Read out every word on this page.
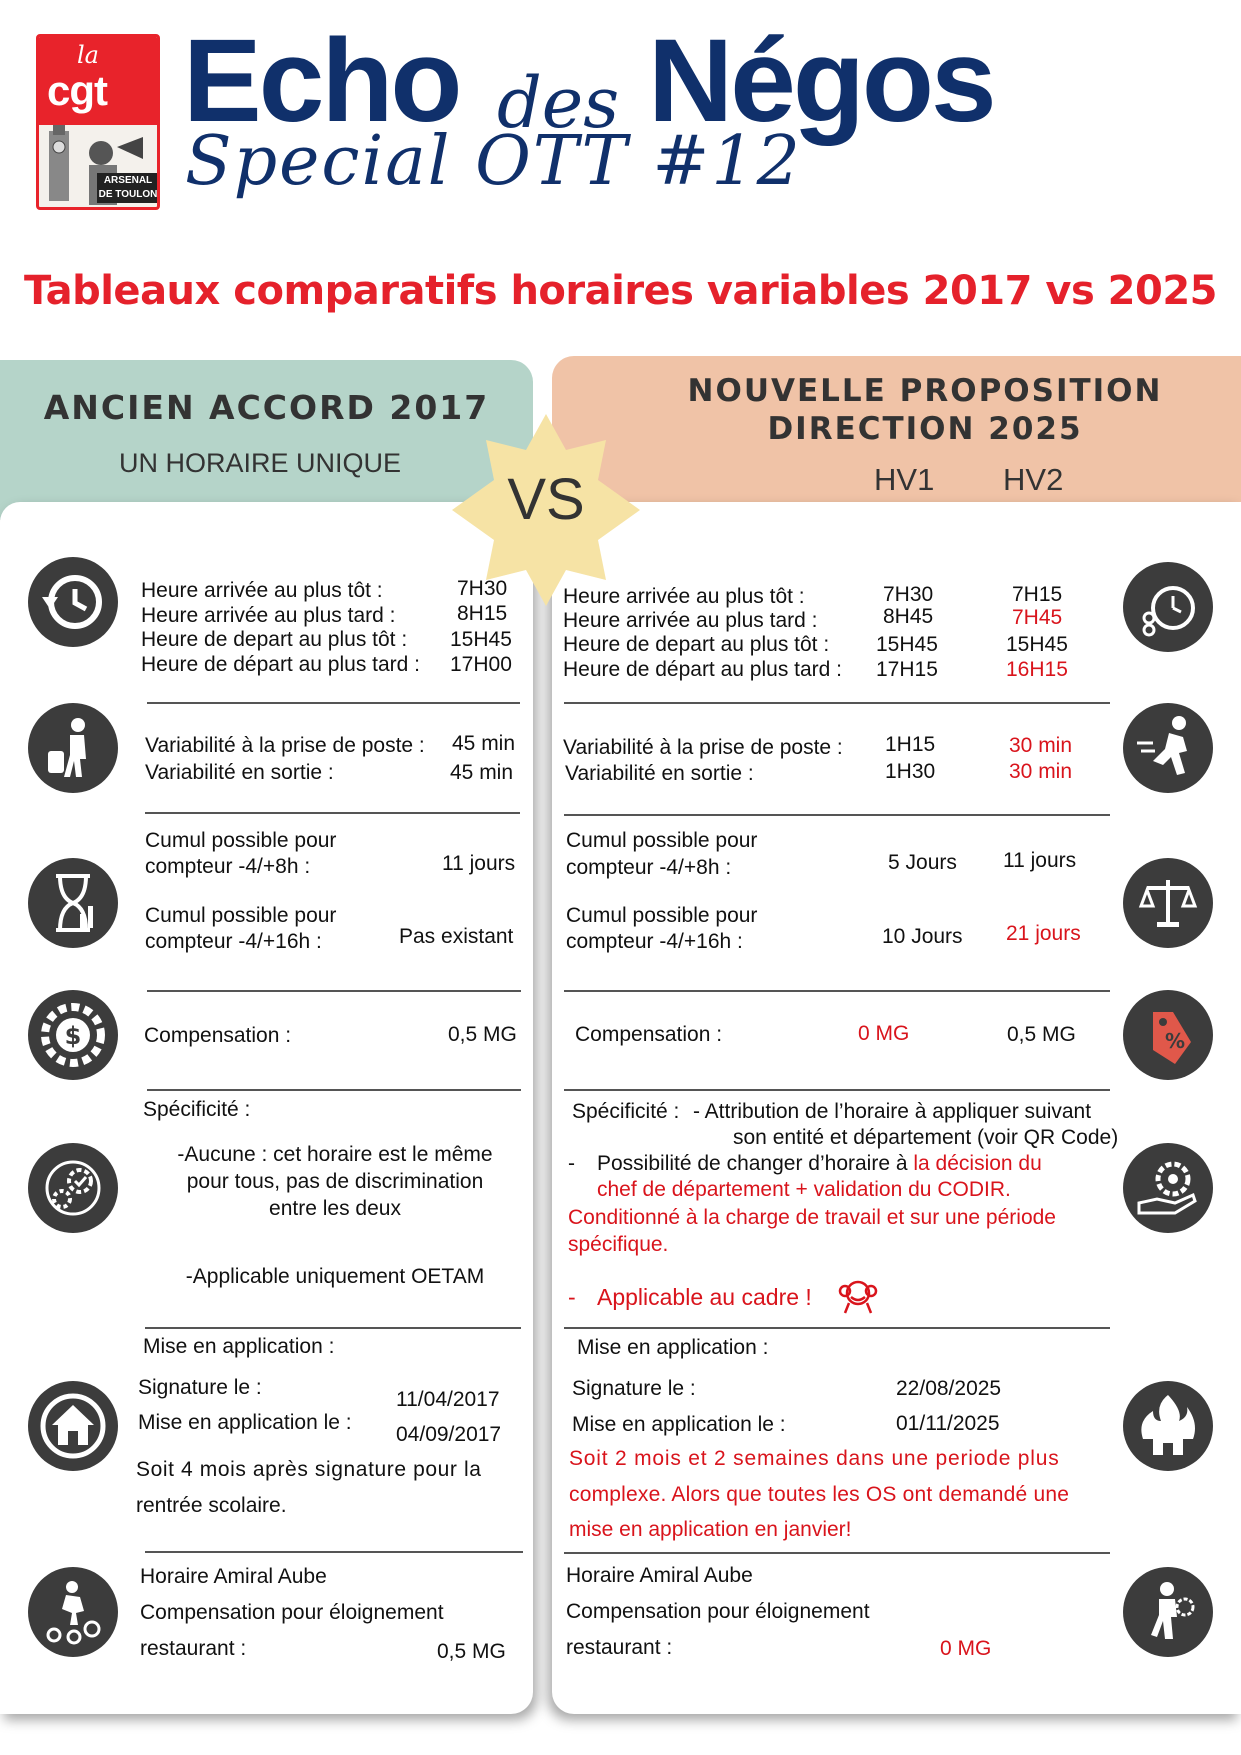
la
cgt
ARSENAL
DE TOULON
Echo des Négos
Special OTT #12
Tableaux comparatifs horaires variables 2017 vs 2025
ANCIEN ACCORD 2017
UN HORAIRE UNIQUE
NOUVELLE PROPOSITION
DIRECTION 2025
HV1 HV2
VS
$	%
Heure arrivée au plus tôt :	7H30
Heure arrivée au plus tard :	8H15
Heure de depart au plus tôt : 15H45
Heure de départ au plus tard : 17H00
Variabilité à la prise de poste : 45 min
Variabilité en sortie :	45 min
Cumul possible pour
compteur -4/+8h :	11 jours
Cumul possible pour
compteur -4/+16h :	Pas existant
Compensation :	0,5 MG
Spécificité :
-Aucune : cet horaire est le même
pour tous, pas de discrimination
entre les deux
-Applicable uniquement OETAM
Mise en application :
Signature le :
11/04/2017
Mise en application le :
04/09/2017
Soit 4 mois après signature pour la
rentrée scolaire.
Horaire Amiral Aube
Compensation pour éloignement
restaurant :	0,5 MG
Heure arrivée au plus tôt :	7H30	7H15
Heure arrivée au plus tard :	8H45	7H45
Heure de depart au plus tôt : 15H45	15H45
Heure de départ au plus tard : 17H15	16H15
Variabilité à la prise de poste : 1H15	30 min
Variabilité en sortie :	1H30	30 min
Cumul possible pour
compteur -4/+8h :	5 Jours 11 jours
Cumul possible pour
compteur -4/+16h :	10 Jours 21 jours
Compensation :	0 MG	0,5 MG
Spécificité : - Attribution de l’horaire à appliquer suivant
son entité et département (voir QR Code)
- Possibilité de changer d’horaire à la décision du
chef de département + validation du CODIR.
Conditionné à la charge de travail et sur une période
spécifique.
- Applicable au cadre !
Mise en application :
Signature le :	22/08/2025
Mise en application le :	01/11/2025
Soit 2 mois et 2 semaines dans une periode plus
complexe. Alors que toutes les OS ont demandé une
mise en application en janvier!
Horaire Amiral Aube
Compensation pour éloignement
restaurant :	0 MG
